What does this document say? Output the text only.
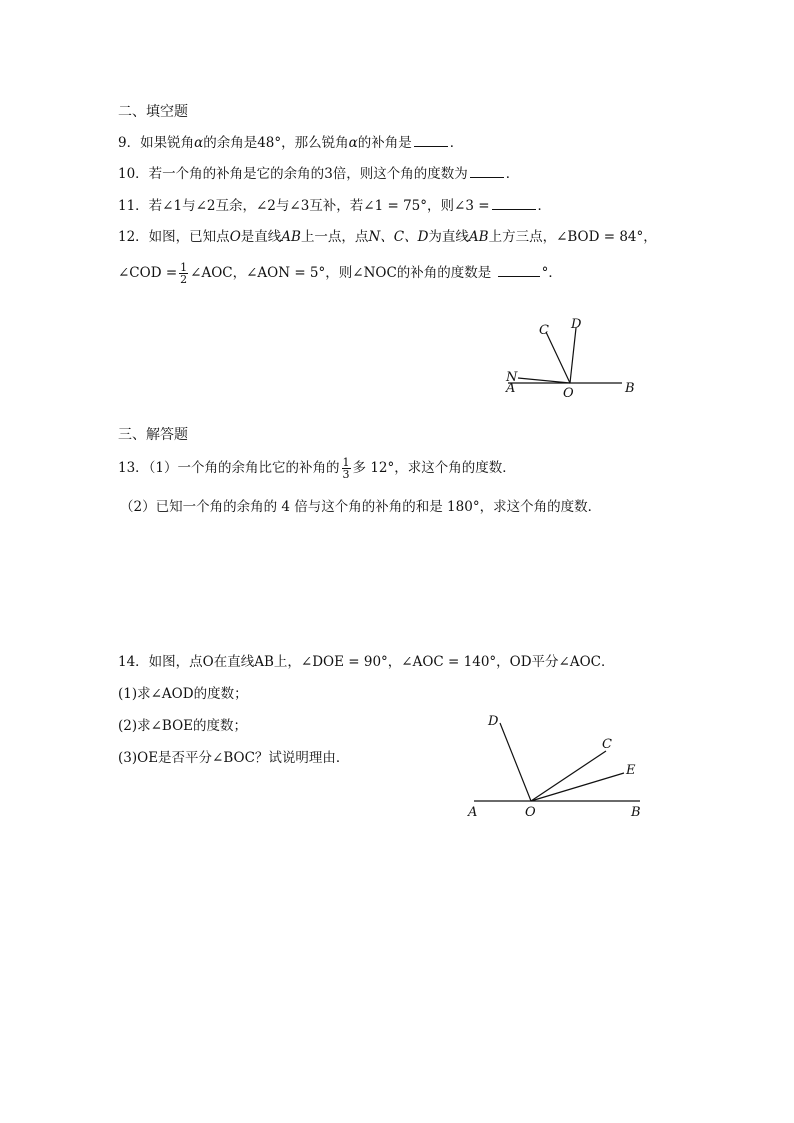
二、填空题
9．如果锐角α的余角是48°，那么锐角α的补角是	．
10．若一个角的补角是它的余角的3倍，则这个角的度数为	．
11．若∠1与∠2互余，∠2与∠3互补，若∠1 = 75°，则∠3 =	．
12．如图，已知点O是直线AB上一点，点N、C、D为直线AB上方三点，∠BOD = 84°，
∠COD = $\frac{1}{2}$ ∠AOC，∠AON = 5°，则∠NOC的补角的度数是	°．
C D
N
A	O	B
三、解答题
13．（1）一个角的余角比它的补角的 $\frac{1}{3}$ 多 12°，求这个角的度数．
（2）已知一个角的余角的 4 倍与这个角的补角的和是 180°，求这个角的度数．
14．如图，点O在直线AB上，∠DOE = 90°，∠AOC = 140°，OD平分∠AOC．
(1)求∠AOD的度数；
(2)求∠BOE的度数；
(3)OE是否平分∠BOC？试说明理由．
D
C
E
A	O	B
